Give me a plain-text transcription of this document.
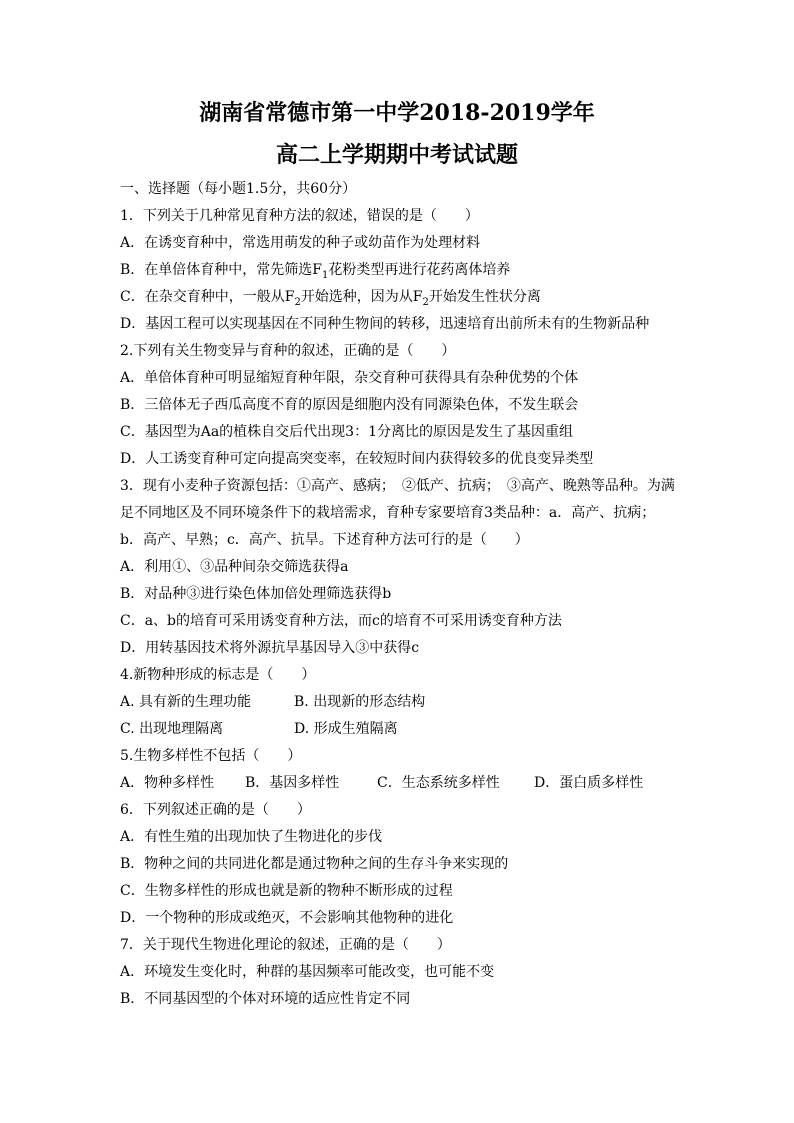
湖南省常德市第一中学2018-2019学年
高二上学期期中考试试题
一、选择题（每小题1.5分，共60分）
1．下列关于几种常见育种方法的叙述，错误的是（　　）
A．在诱变育种中，常选用萌发的种子或幼苗作为处理材料
B．在单倍体育种中，常先筛选$F_1$花粉类型再进行花药离体培养
C．在杂交育种中，一般从$F_2$开始选种，因为从$F_2$开始发生性状分离
D．基因工程可以实现基因在不同种生物间的转移，迅速培育出前所未有的生物新品种
2.下列有关生物变异与育种的叙述，正确的是（　　）
A．单倍体育种可明显缩短育种年限，杂交育种可获得具有杂种优势的个体
B．三倍体无子西瓜高度不育的原因是细胞内没有同源染色体，不发生联会
C．基因型为Aa的植株自交后代出现3：1分离比的原因是发生了基因重组
D．人工诱变育种可定向提高突变率，在较短时间内获得较多的优良变异类型
3．现有小麦种子资源包括：①高产、感病；　②低产、抗病；　③高产、晚熟等品种。为满
足不同地区及不同环境条件下的栽培需求，育种专家要培育3类品种：a．高产、抗病；
b．高产、早熟；c．高产、抗旱。下述育种方法可行的是（　　）
A．利用①、③品种间杂交筛选获得a
B．对品种③进行染色体加倍处理筛选获得b
C．a、b的培育可采用诱变育种方法，而c的培育不可采用诱变育种方法
D．用转基因技术将外源抗旱基因导入③中获得c
4.新物种形成的标志是（　　）
A. 具有新的生理功能	B. 出现新的形态结构
C. 出现地理隔离	D. 形成生殖隔离
5.生物多样性不包括（　　）
A．物种多样性 B．基因多样性	C．生态系统多样性 D．蛋白质多样性
6．下列叙述正确的是（　　）
A．有性生殖的出现加快了生物进化的步伐
B．物种之间的共同进化都是通过物种之间的生存斗争来实现的
C．生物多样性的形成也就是新的物种不断形成的过程
D．一个物种的形成或绝灭，不会影响其他物种的进化
7．关于现代生物进化理论的叙述，正确的是（　　）
A．环境发生变化时，种群的基因频率可能改变，也可能不变
B．不同基因型的个体对环境的适应性肯定不同
